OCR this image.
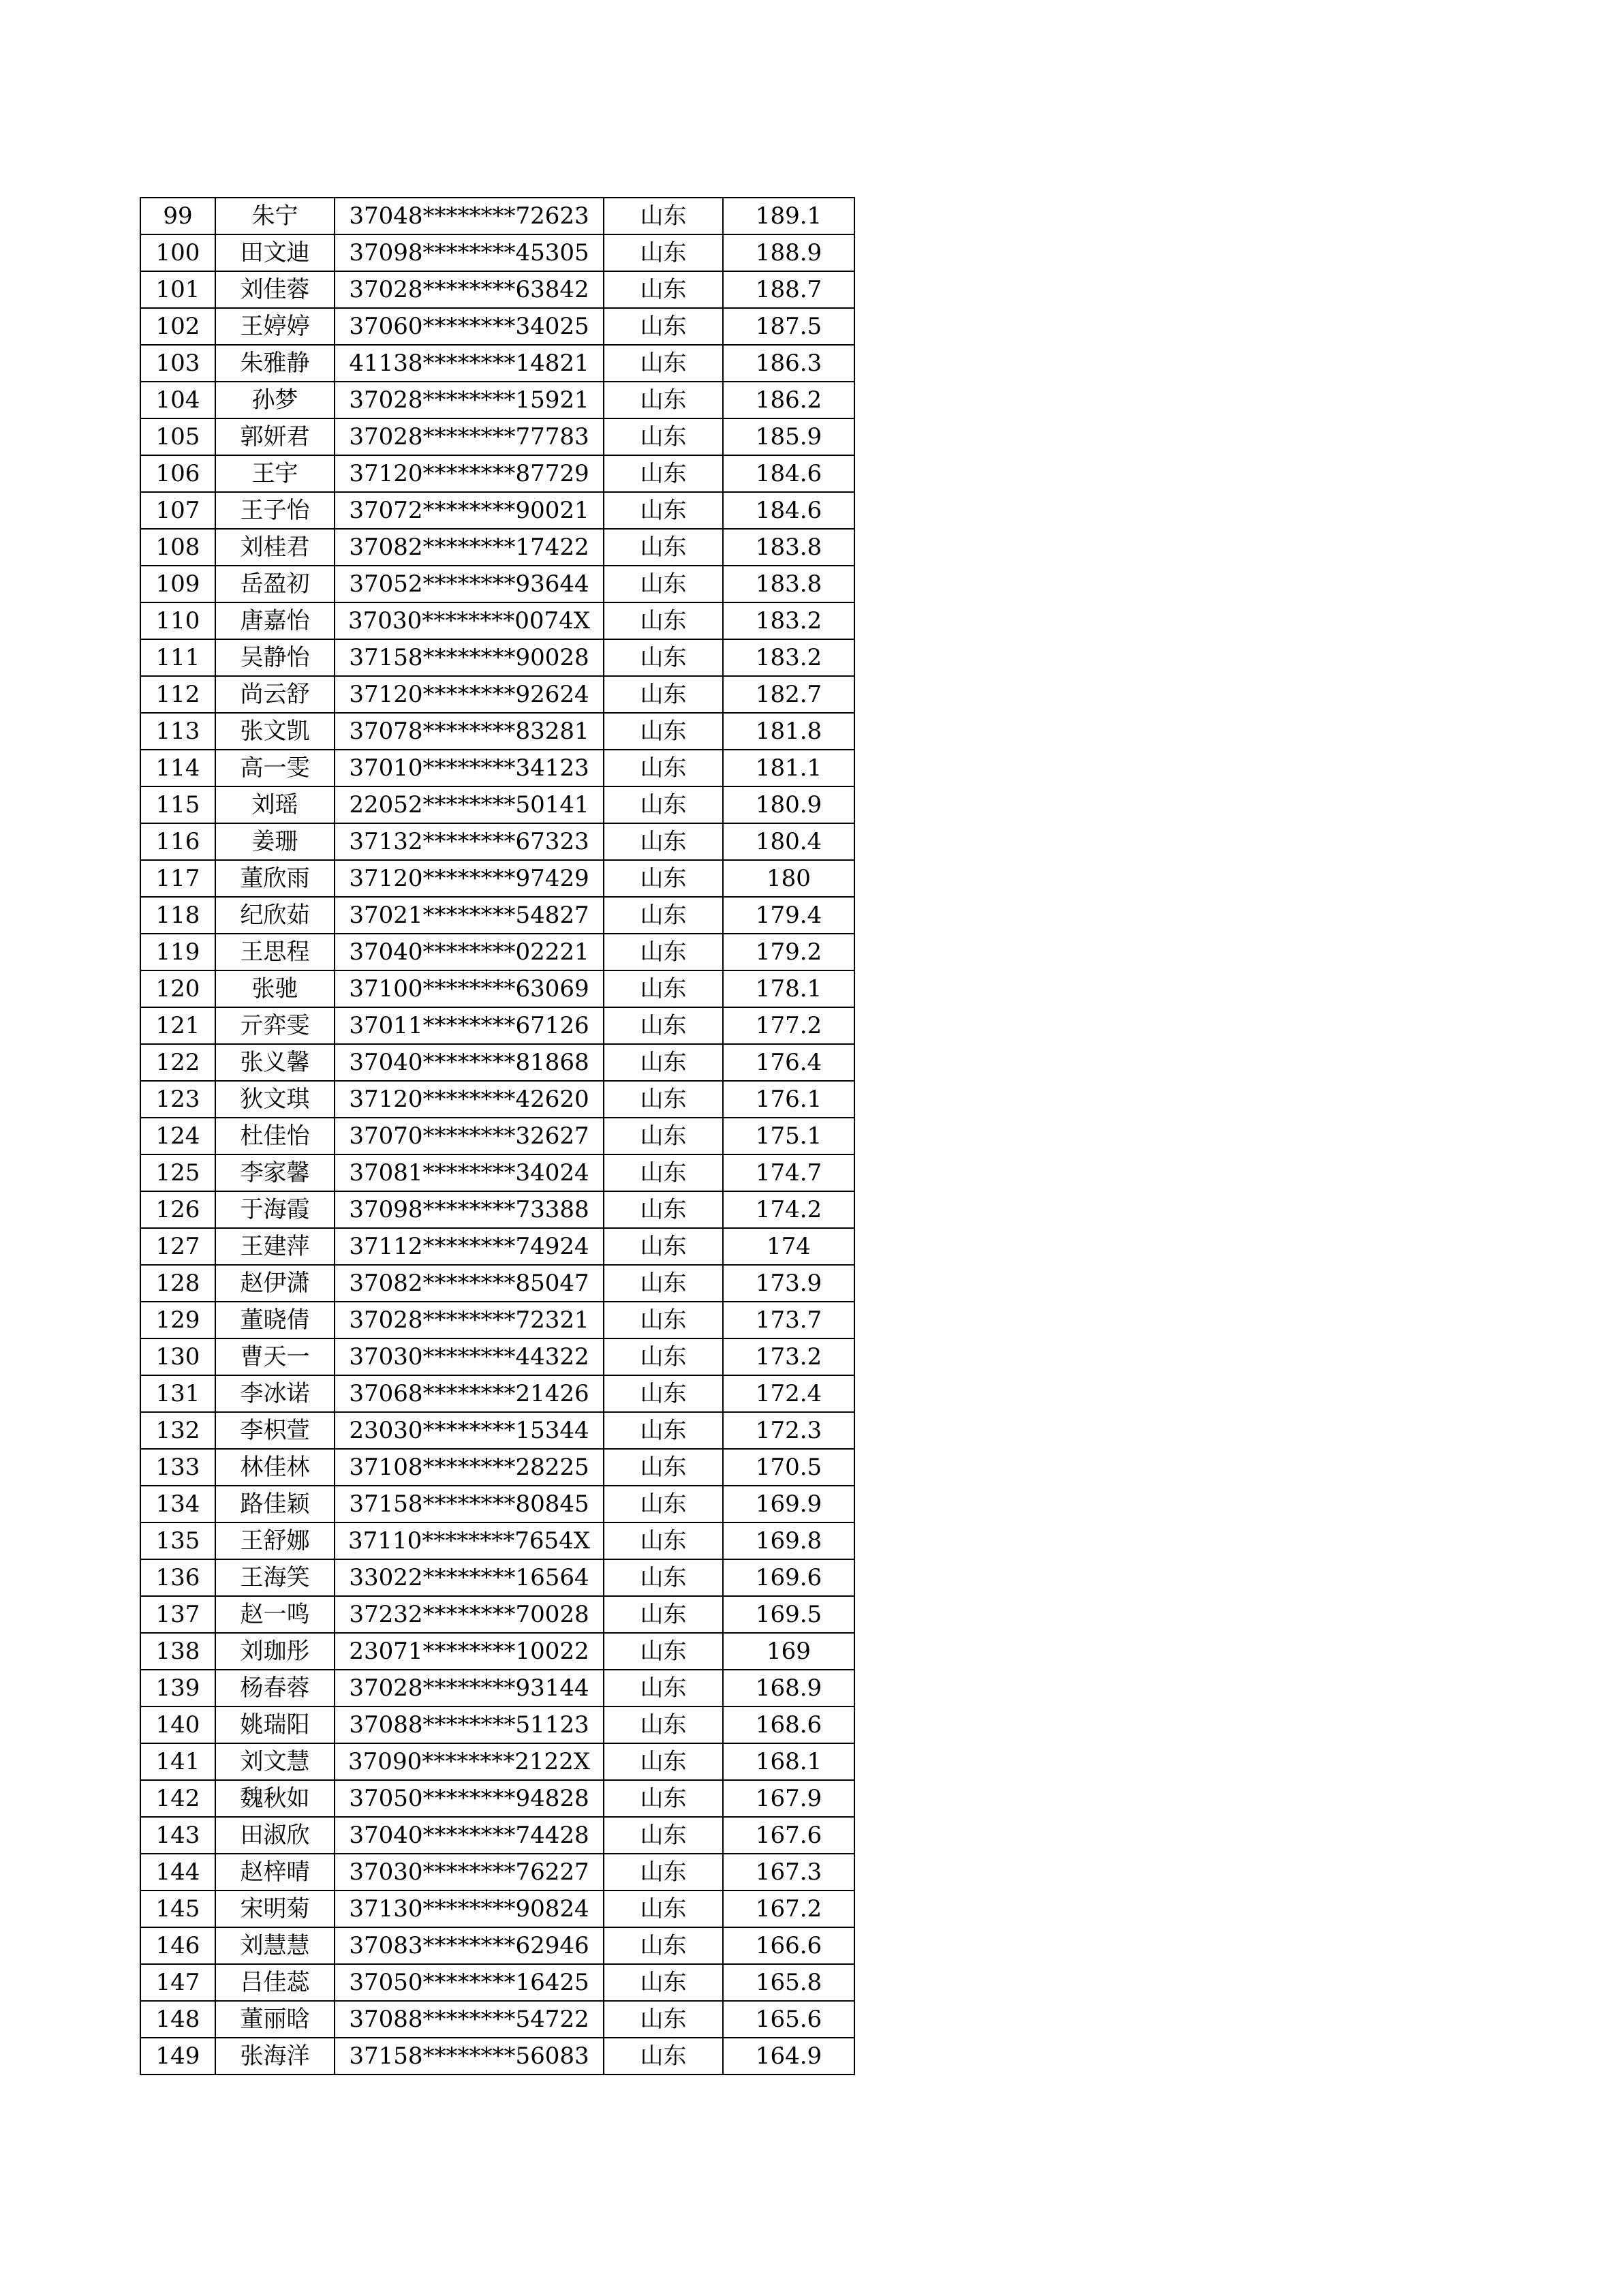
99	朱宁	37048********72623	山东	189.1
100	田文迪	37098********45305	山东	188.9
101	刘佳蓉	37028********63842	山东	188.7
102	王婷婷	37060********34025	山东	187.5
103	朱雅静	41138********14821	山东	186.3
104	孙梦	37028********15921	山东	186.2
105	郭妍君	37028********77783	山东	185.9
106	王宇	37120********87729	山东	184.6
107	王子怡	37072********90021	山东	184.6
108	刘桂君	37082********17422	山东	183.8
109	岳盈初	37052********93644	山东	183.8
110	唐嘉怡	37030********0074X	山东	183.2
111	吴静怡	37158********90028	山东	183.2
112	尚云舒	37120********92624	山东	182.7
113	张文凯	37078********83281	山东	181.8
114	高一雯	37010********34123	山东	181.1
115	刘瑶	22052********50141	山东	180.9
116	姜珊	37132********67323	山东	180.4
117	董欣雨	37120********97429	山东	180
118	纪欣茹	37021********54827	山东	179.4
119	王思程	37040********02221	山东	179.2
120	张驰	37100********63069	山东	178.1
121	亓弈雯	37011********67126	山东	177.2
122	张义馨	37040********81868	山东	176.4
123	狄文琪	37120********42620	山东	176.1
124	杜佳怡	37070********32627	山东	175.1
125	李家馨	37081********34024	山东	174.7
126	于海霞	37098********73388	山东	174.2
127	王建萍	37112********74924	山东	174
128	赵伊潇	37082********85047	山东	173.9
129	董晓倩	37028********72321	山东	173.7
130	曹天一	37030********44322	山东	173.2
131	李冰诺	37068********21426	山东	172.4
132	李枳萱	23030********15344	山东	172.3
133	林佳林	37108********28225	山东	170.5
134	路佳颖	37158********80845	山东	169.9
135	王舒娜	37110********7654X	山东	169.8
136	王海笑	33022********16564	山东	169.6
137	赵一鸣	37232********70028	山东	169.5
138	刘珈彤	23071********10022	山东	169
139	杨春蓉	37028********93144	山东	168.9
140	姚瑞阳	37088********51123	山东	168.6
141	刘文慧	37090********2122X	山东	168.1
142	魏秋如	37050********94828	山东	167.9
143	田淑欣	37040********74428	山东	167.6
144	赵梓晴	37030********76227	山东	167.3
145	宋明菊	37130********90824	山东	167.2
146	刘慧慧	37083********62946	山东	166.6
147	吕佳蕊	37050********16425	山东	165.8
148	董丽晗	37088********54722	山东	165.6
149	张海洋	37158********56083	山东	164.9
